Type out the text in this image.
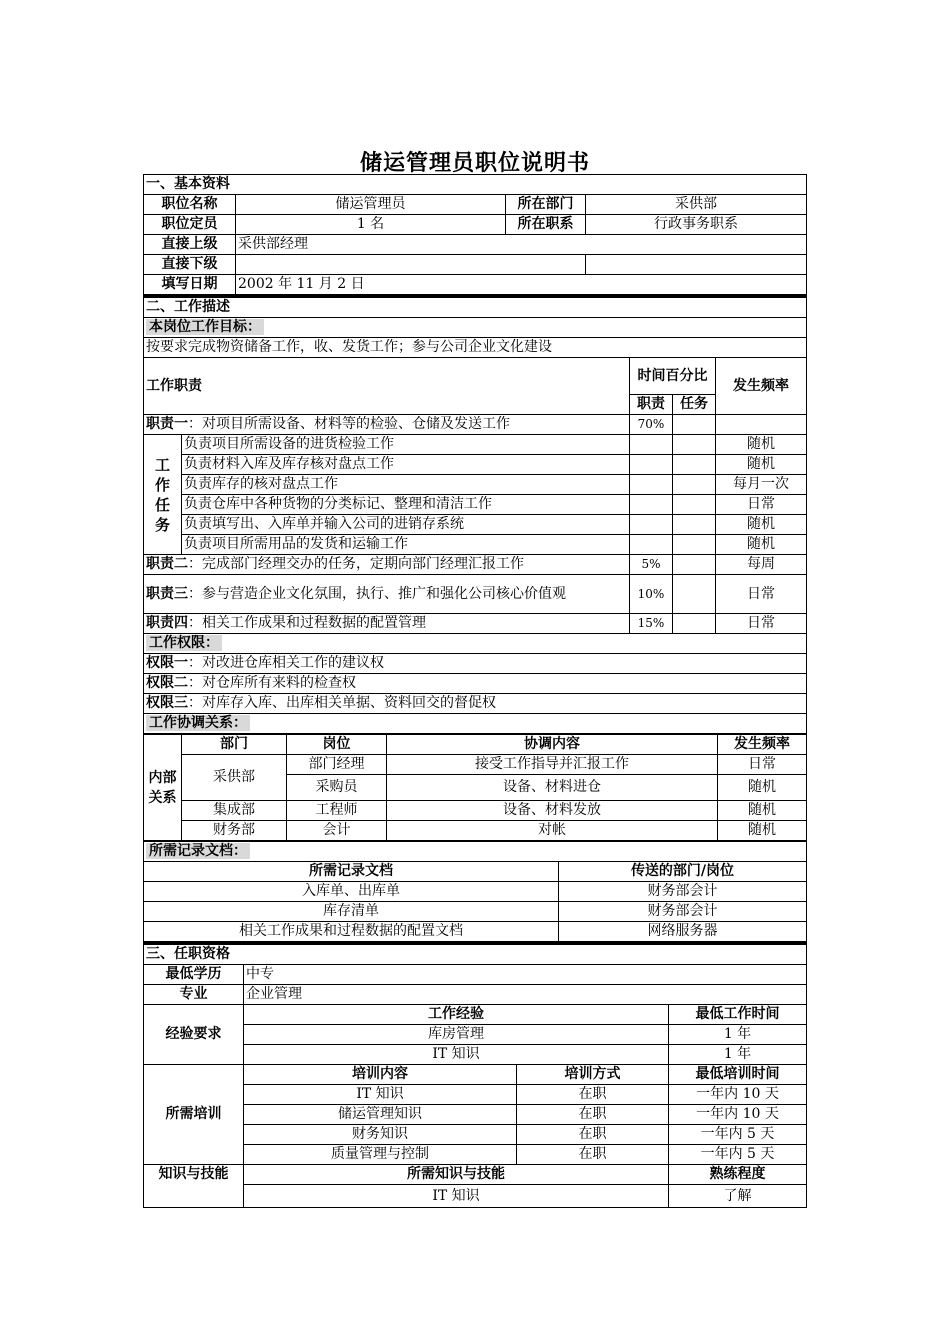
储运管理员职位说明书
一、基本资料			
职位名称	储运管理员	所在部门	采供部
职位定员	1 名	所在职系	行政事务职系
直接上级	采供部经理		
直接下级			
填写日期	2002 年 11 月 2 日		
二、工作描述				
本岗位工作目标：				
按要求完成物资储备工作，收、发货工作；参与公司企业文化建设				
工作职责		时间百分比		发生频率
		职责	任务	
职责一：对项目所需设备、材料等的检验、仓储及发送工作		70%		
工作任务	负责项目所需设备的进货检验工作			随机
	负责材料入库及库存核对盘点工作			随机
	负责库存的核对盘点工作			每月一次
	负责仓库中各种货物的分类标记、整理和清洁工作			日常
	负责填写出、入库单并输入公司的进销存系统			随机
	负责项目所需用品的发货和运输工作			随机
职责二：完成部门经理交办的任务，定期向部门经理汇报工作		5%		每周
职责三：参与营造企业文化氛围，执行、推广和强化公司核心价值观		10%		日常
职责四：相关工作成果和过程数据的配置管理		15%		日常
工作权限：				
权限一：对改进仓库相关工作的建议权				
权限二：对仓库所有来料的检查权				
权限三：对库存入库、出库相关单据、资料回交的督促权				
工作协调关系：				
内部关系	部门	岗位	协调内容	发生频率
	采供部	部门经理	接受工作指导并汇报工作	日常
		采购员	设备、材料进仓	随机
	集成部	工程师	设备、材料发放	随机
	财务部	会计	对帐	随机
所需记录文档：	
所需记录文档	传送的部门/岗位
入库单、出库单	财务部会计
库存清单	财务部会计
相关工作成果和过程数据的配置文档	网络服务器
三、任职资格			
最低学历	中专		
专业	企业管理		
经验要求	工作经验		最低工作时间
	库房管理		1 年
	IT 知识		1 年
所需培训	培训内容	培训方式	最低培训时间
	IT 知识	在职	一年内 10 天
	储运管理知识	在职	一年内 10 天
	财务知识	在职	一年内 5 天
	质量管理与控制	在职	一年内 5 天
知识与技能	所需知识与技能		熟练程度
	IT 知识		了解
